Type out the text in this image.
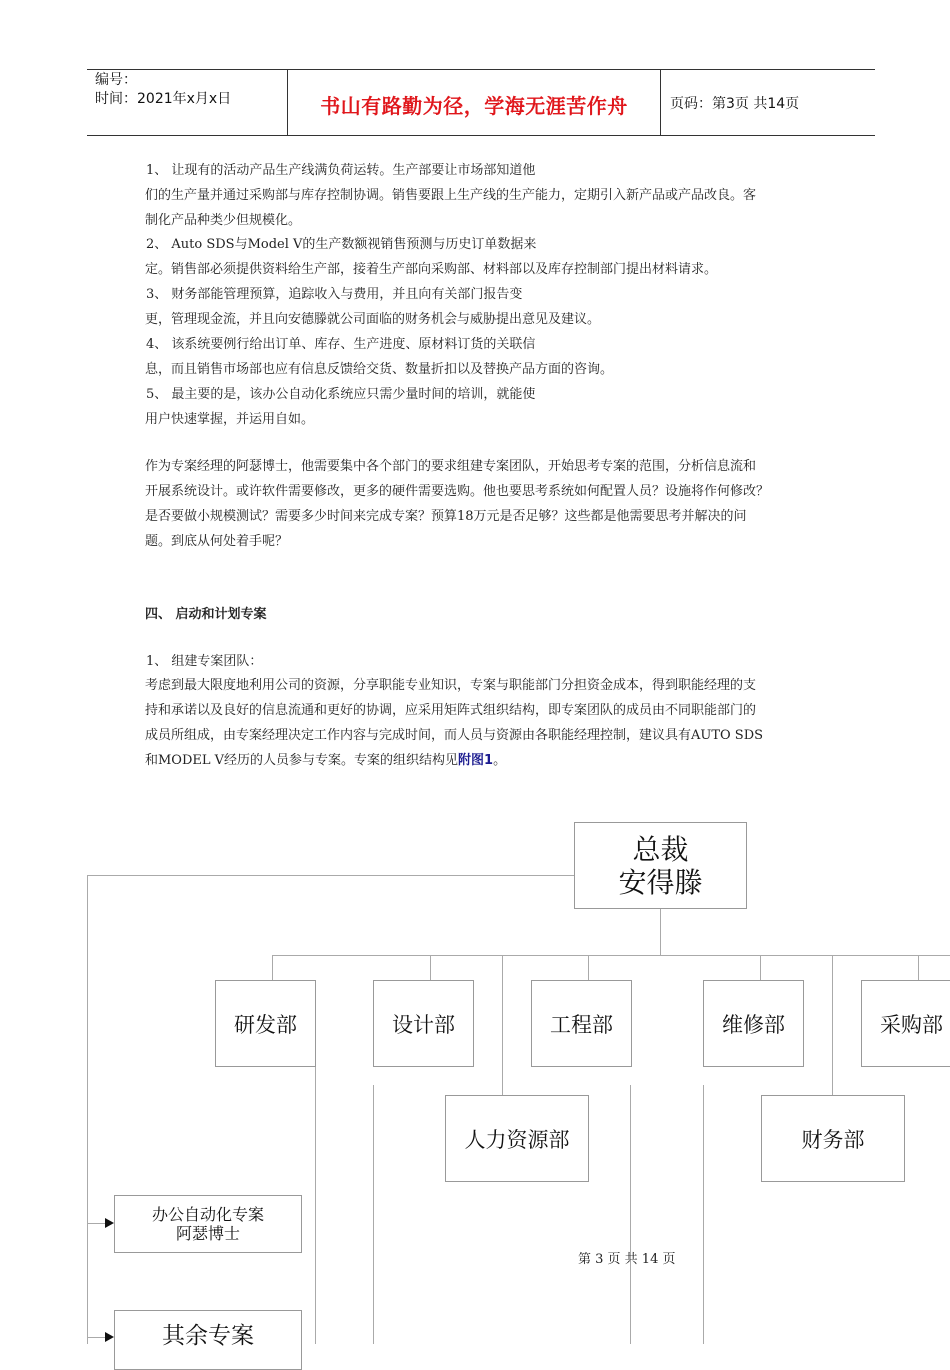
编号：
时间：2021年x月x日	书山有路勤为径，学海无涯苦作舟	页码：第3页 共14页
1、 让现有的活动产品生产线满负荷运转。生产部要让市场部知道他
们的生产量并通过采购部与库存控制协调。销售要跟上生产线的生产能力，定期引入新产品或产品改良。客
制化产品种类少但规模化。
2、 Auto SDS与Model V的生产数额视销售预测与历史订单数据来
定。销售部必须提供资料给生产部，接着生产部向采购部、材料部以及库存控制部门提出材料请求。
3、 财务部能管理预算，追踪收入与费用，并且向有关部门报告变
更，管理现金流，并且向安德滕就公司面临的财务机会与威胁提出意见及建议。
4、 该系统要例行给出订单、库存、生产进度、原材料订货的关联信
息，而且销售市场部也应有信息反馈给交货、数量折扣以及替换产品方面的咨询。
5、 最主要的是，该办公自动化系统应只需少量时间的培训，就能使
用户快速掌握，并运用自如。
作为专案经理的阿瑟博士，他需要集中各个部门的要求组建专案团队，开始思考专案的范围，分析信息流和
开展系统设计。或许软件需要修改，更多的硬件需要选购。他也要思考系统如何配置人员？设施将作何修改？
是否要做小规模测试？需要多少时间来完成专案？预算18万元是否足够？这些都是他需要思考并解决的问
题。到底从何处着手呢？
四、 启动和计划专案
1、 组建专案团队：
考虑到最大限度地利用公司的资源，分享职能专业知识，专案与职能部门分担资金成本，得到职能经理的支
持和承诺以及良好的信息流通和更好的协调，应采用矩阵式组织结构，即专案团队的成员由不同职能部门的
成员所组成，由专案经理决定工作内容与完成时间，而人员与资源由各职能经理控制，建议具有AUTO SDS
和MODEL V经历的人员参与专案。专案的组织结构见附图1。
总裁
安得滕
研发部	设计部	工程部	维修部	采购部
人力资源部	财务部
办公自动化专案
阿瑟博士
其余专案
第 3 页 共 14 页
